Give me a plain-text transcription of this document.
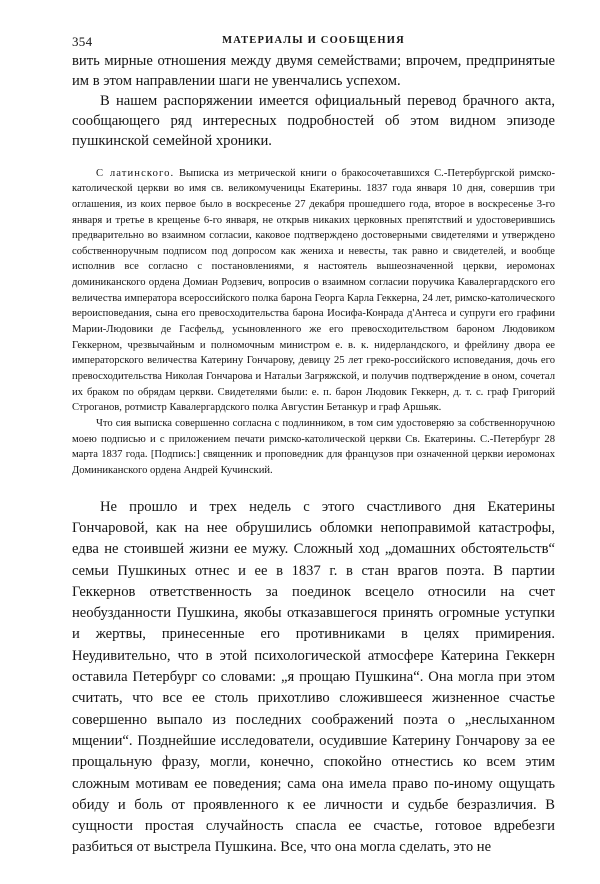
354	МАТЕРИАЛЫ И СООБЩЕНИЯ

вить мирные отношения между двумя семействами; впрочем, предпринятые им в этом направлении шаги не увенчались успехом.

В нашем распоряжении имеется официальный перевод брачного акта, сообщающего ряд интересных подробностей об этом видном эпизоде пушкинской семейной хроники.

С латинского. Выписка из метрической книги о бракосочетавшихся С.-Петербургской римско-католической церкви во имя св. великомученицы Екатерины. 1837 года января 10 дня, совершив три оглашения, из коих первое было в воскресенье 27 декабря прошедшего года, второе в воскресенье 3-го января и третье в крещенье 6-го января, не открыв никаких церковных препятствий и удостоверившись предварительно во взаимном согласии, каковое подтверждено достоверными свидетелями и утверждено собственноручным подписом под допросом как жениха и невесты, так равно и свидетелей, и вообще исполнив все согласно с постановлениями, я настоятель вышеозначенной церкви, иеромонах доминиканского ордена Домиан Родзевич, вопросив о взаимном согласии поручика Кавалергардского его величества императора всероссийского полка барона Георга Карла Геккерна, 24 лет, римско-католического вероисповедания, сына его превосходительства барона Иосифа-Конрада д'Антеса и супруги его графини Марии-Людовики де Гасфельд, усыновленного же его превосходительством бароном Людовиком Геккерном, чрезвычайным и полномочным министром е. в. к. нидерландского, и фрейлину двора ее императорского величества Катерину Гончарову, девицу 25 лет греко-российского исповедания, дочь его превосходительства Николая Гончарова и Натальи Загряжской, и получив подтверждение в оном, сочетал их браком по обрядам церкви. Свидетелями были: е. п. барон Людовик Геккерн, д. т. с. граф Григорий Строганов, ротмистр Кавалергардского полка Августин Бетанкур и граф Аршьяк.

Что сия выписка совершенно согласна с подлинником, в том сим удостоверяю за собственноручною моею подписью и с приложением печати римско-католической церкви Св. Екатерины. С.-Петербург 28 марта 1837 года. [Подпись:] священник и проповедник для французов при означенной церкви иеромонах Доминиканского ордена Андрей Кучинский.

Не прошло и трех недель с этого счастливого дня Екатерины Гончаровой, как на нее обрушились обломки непоправимой катастрофы, едва не стоившей жизни ее мужу. Сложный ход „домашних обстоятельств“ семьи Пушкиных отнес и ее в 1837 г. в стан врагов поэта. В партии Геккернов ответственность за поединок всецело относили на счет необузданности Пушкина, якобы отказавшегося принять огромные уступки и жертвы, принесенные его противниками в целях примирения. Неудивительно, что в этой психологической атмосфере Катерина Геккерн оставила Петербург со словами: „я прощаю Пушкина“. Она могла при этом считать, что все ее столь прихотливо сложившееся жизненное счастье совершенно выпало из последних соображений поэта о „неслыханном мщении“. Позднейшие исследователи, осудившие Катерину Гончарову за ее прощальную фразу, могли, конечно, спокойно отнестись ко всем этим сложным мотивам ее поведения; сама она имела право по-иному ощущать обиду и боль от проявленного к ее личности и судьбе безразличия. В сущности простая случайность спасла ее счастье, готовое вдребезги разбиться от выстрела Пушкина. Все, что она могла сделать, это не
